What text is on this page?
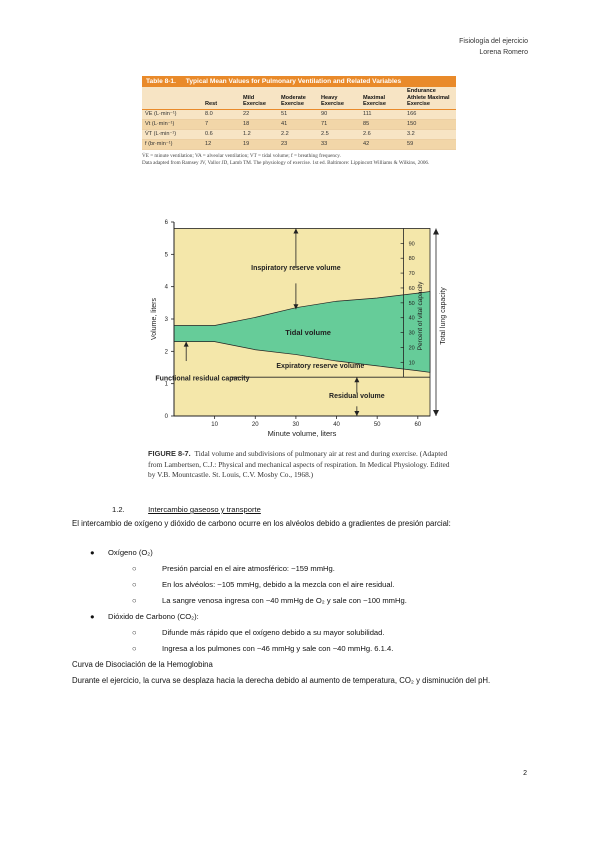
Fisiología del ejercicio
Lorena Romero
Table 8-1. Typical Mean Values for Pulmonary Ventilation and Related Variables
	Rest	Mild Exercise	Moderate Exercise	Heavy Exercise	Maximal Exercise	Endurance Athlete Maximal Exercise
V̇E (L·min⁻¹)	8.0	22	51	90	111	166
Vt (L·min⁻¹)	7	18	41	71	85	150
V̇T (L·min⁻¹)	0.6	1.2	2.2	2.5	2.6	3.2
f (br·min⁻¹)	12	19	23	33	42	59
V̇E = minute ventilation; VA = alveolar ventilation; VT = tidal volume; f = breathing frequency.
Data adapted from Ramsey JV, Vallor JD, Lamb TM. The physiology of exercise. 1st ed. Baltimore: Lippincott Williams & Wilkins, 2006.
0
1
2
3
4
5
6
10	20	30	40	50	60
Minute volume, liters
Volume, liters
10
20
30
40
50
60
70
80
90
Percent of vital capacity Total lung capacity
Inspiratory reserve volume
Tidal volume
Expiratory reserve volume
Functional residual capacity
Residual volume
FIGURE 8-7. Tidal volume and subdivisions of pulmonary air at rest and during exercise. (Adapted from Lambertsen, C.J.: Physical and mechanical aspects of respiration. In Medical Physiology. Edited by V.B. Mountcastle. St. Louis, C.V. Mosby Co., 1968.)
1.2.	Intercambio gaseoso y transporte
El intercambio de oxígeno y dióxido de carbono ocurre en los alvéolos debido a gradientes de presión parcial:
● Oxígeno (O₂)
○	Presión parcial en el aire atmosférico: ~159 mmHg.
○	En los alvéolos: ~105 mmHg, debido a la mezcla con el aire residual.
○	La sangre venosa ingresa con ~40 mmHg de O₂ y sale con ~100 mmHg.
● Dióxido de Carbono (CO₂):
○	Difunde más rápido que el oxígeno debido a su mayor solubilidad.
○	Ingresa a los pulmones con ~46 mmHg y sale con ~40 mmHg. 6.1.4.
Curva de Disociación de la Hemoglobina
Durante el ejercicio, la curva se desplaza hacia la derecha debido al aumento de temperatura, CO₂ y disminución del pH.
2
